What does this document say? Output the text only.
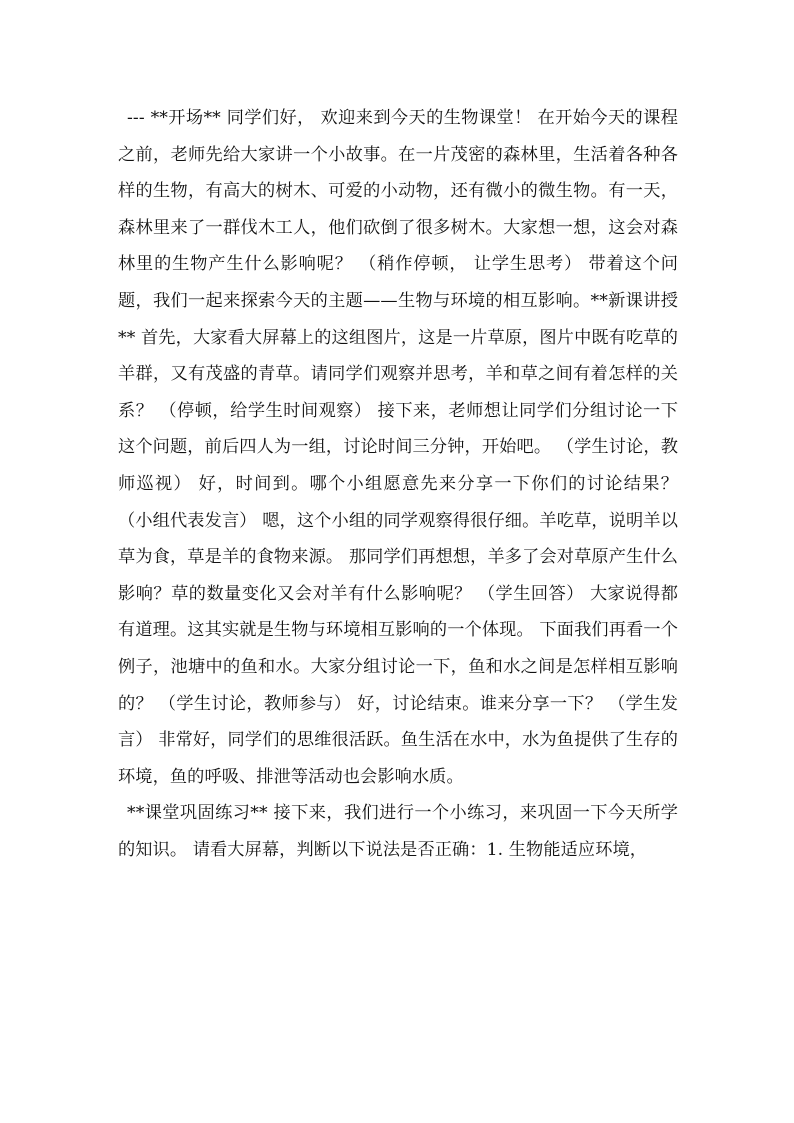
--- **开场** 同学们好， 欢迎来到今天的生物课堂！ 在开始今天的课程之前，老师先给大家讲一个小故事。在一片茂密的森林里，生活着各种各样的生物，有高大的树木、可爱的小动物，还有微小的微生物。有一天，森林里来了一群伐木工人，他们砍倒了很多树木。大家想一想，这会对森林里的生物产生什么影响呢？ （稍作停顿， 让学生思考） 带着这个问题，我们一起来探索今天的主题——生物与环境的相互影响。**新课讲授** 首先，大家看大屏幕上的这组图片，这是一片草原，图片中既有吃草的羊群，又有茂盛的青草。请同学们观察并思考，羊和草之间有着怎样的关系？ （停顿，给学生时间观察） 接下来，老师想让同学们分组讨论一下这个问题，前后四人为一组，讨论时间三分钟，开始吧。 （学生讨论，教师巡视） 好，时间到。哪个小组愿意先来分享一下你们的讨论结果？ （小组代表发言） 嗯，这个小组的同学观察得很仔细。羊吃草，说明羊以草为食，草是羊的食物来源。 那同学们再想想，羊多了会对草原产生什么影响？草的数量变化又会对羊有什么影响呢？ （学生回答） 大家说得都有道理。这其实就是生物与环境相互影响的一个体现。 下面我们再看一个例子，池塘中的鱼和水。大家分组讨论一下，鱼和水之间是怎样相互影响的？ （学生讨论，教师参与） 好，讨论结束。谁来分享一下？ （学生发言） 非常好，同学们的思维很活跃。鱼生活在水中，水为鱼提供了生存的环境，鱼的呼吸、排泄等活动也会影响水质。

**课堂巩固练习** 接下来，我们进行一个小练习，来巩固一下今天所学的知识。 请看大屏幕，判断以下说法是否正确：1. 生物能适应环境，
